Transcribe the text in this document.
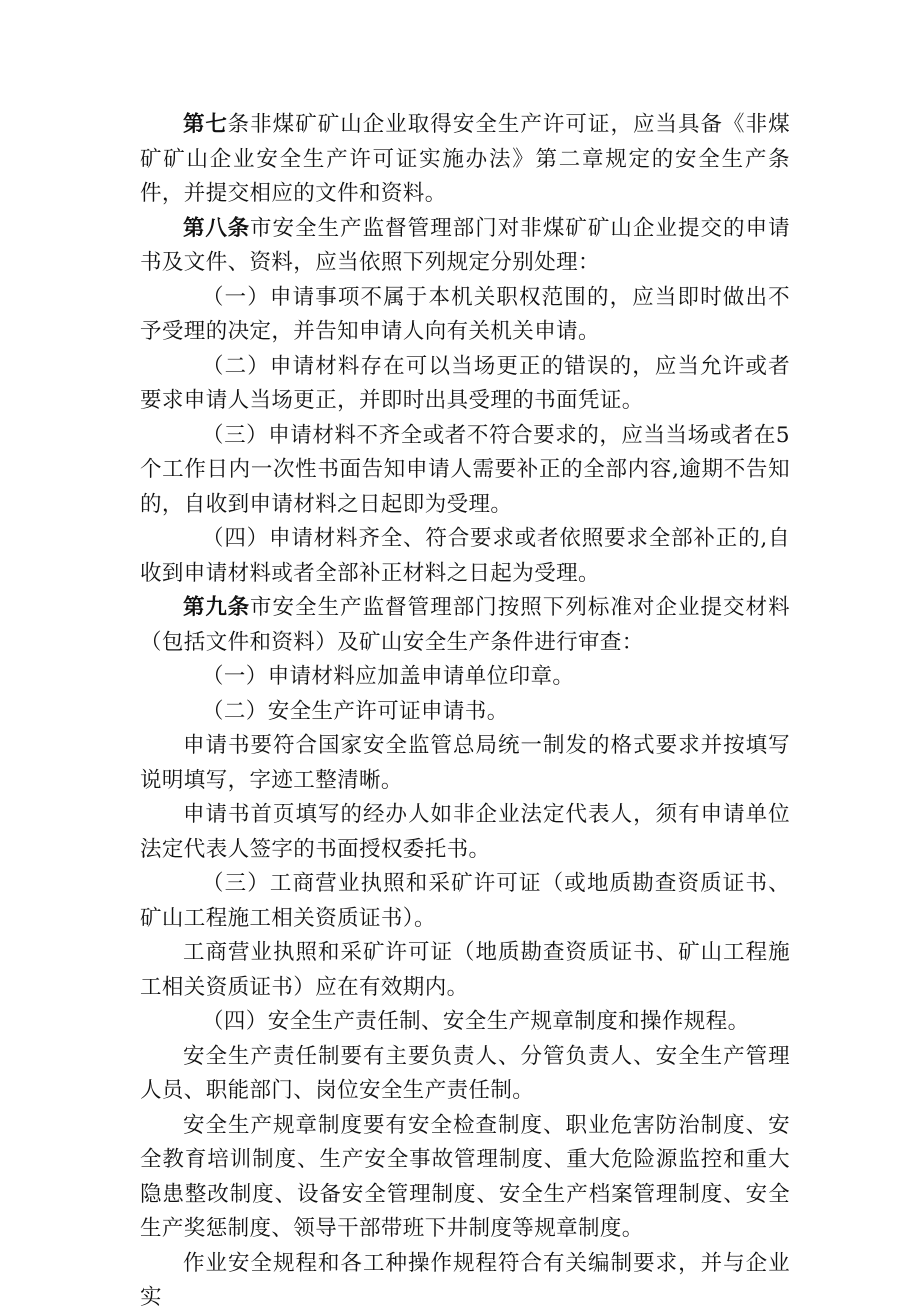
第七条非煤矿矿山企业取得安全生产许可证，应当具备《非煤矿矿山企业安全生产许可证实施办法》第二章规定的安全生产条件，并提交相应的文件和资料。

第八条市安全生产监督管理部门对非煤矿矿山企业提交的申请书及文件、资料，应当依照下列规定分别处理：

（一）申请事项不属于本机关职权范围的，应当即时做出不予受理的决定，并告知申请人向有关机关申请。

（二）申请材料存在可以当场更正的错误的，应当允许或者要求申请人当场更正，并即时出具受理的书面凭证。

（三）申请材料不齐全或者不符合要求的，应当当场或者在5个工作日内一次性书面告知申请人需要补正的全部内容,逾期不告知的，自收到申请材料之日起即为受理。

（四）申请材料齐全、符合要求或者依照要求全部补正的,自收到申请材料或者全部补正材料之日起为受理。

第九条市安全生产监督管理部门按照下列标准对企业提交材料（包括文件和资料）及矿山安全生产条件进行审查：

（一）申请材料应加盖申请单位印章。

（二）安全生产许可证申请书。

申请书要符合国家安全监管总局统一制发的格式要求并按填写说明填写，字迹工整清晰。

申请书首页填写的经办人如非企业法定代表人，须有申请单位法定代表人签字的书面授权委托书。

（三）工商营业执照和采矿许可证（或地质勘查资质证书、矿山工程施工相关资质证书）。

工商营业执照和采矿许可证（地质勘查资质证书、矿山工程施工相关资质证书）应在有效期内。

（四）安全生产责任制、安全生产规章制度和操作规程。

安全生产责任制要有主要负责人、分管负责人、安全生产管理人员、职能部门、岗位安全生产责任制。

安全生产规章制度要有安全检查制度、职业危害防治制度、安全教育培训制度、生产安全事故管理制度、重大危险源监控和重大隐患整改制度、设备安全管理制度、安全生产档案管理制度、安全生产奖惩制度、领导干部带班下井制度等规章制度。

作业安全规程和各工种操作规程符合有关编制要求，并与企业实
